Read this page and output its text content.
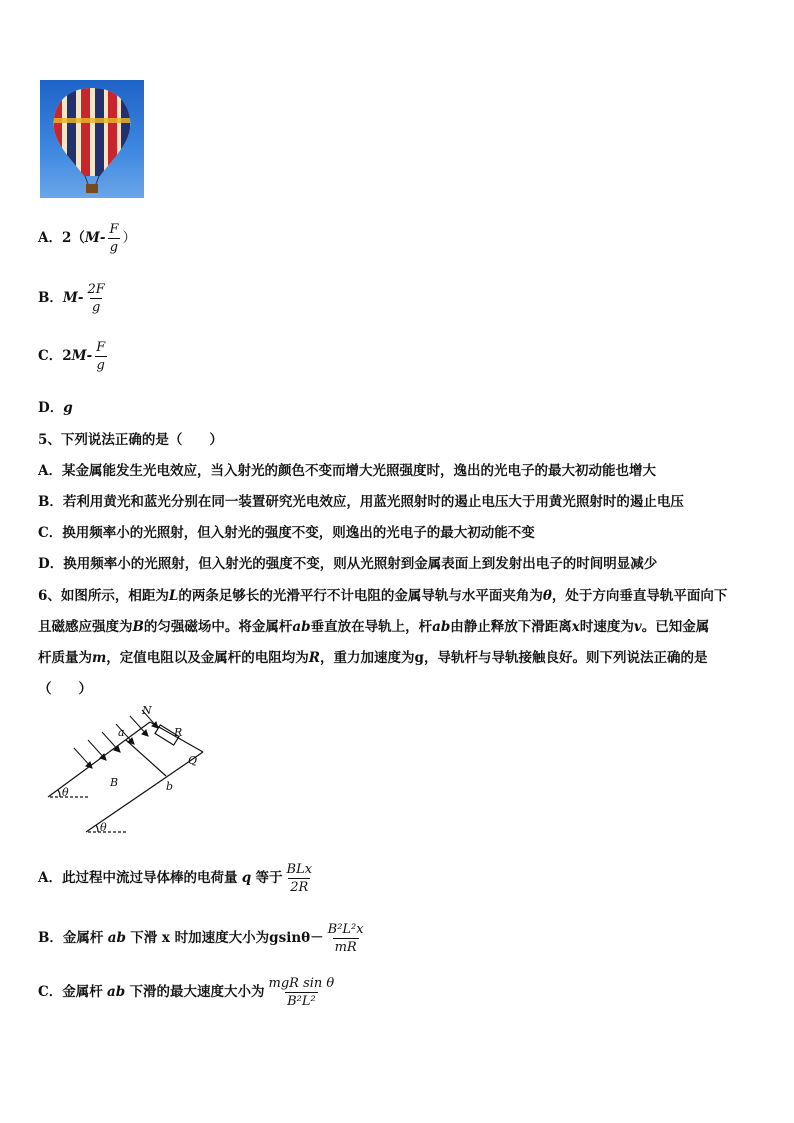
A．$2(M- \frac{F}{g}$ ）
B．$M- \frac{2F}{g}$
C．$2M- \frac{F}{g}$
D．g
5、下列说法正确的是（　　）
A．某金属能发生光电效应，当入射光的颜色不变而增大光照强度时，逸出的光电子的最大初动能也增大
B．若利用黄光和蓝光分别在同一装置研究光电效应，用蓝光照射时的遏止电压大于用黄光照射时的遏止电压
C．换用频率小的光照射，但入射光的强度不变，则逸出的光电子的最大初动能不变
D．换用频率小的光照射，但入射光的强度不变，则从光照射到金属表面上到发射出电子的时间明显减少
6、如图所示，相距为L的两条足够长的光滑平行不计电阻的金属导轨与水平面夹角为θ，处于方向垂直导轨平面向下
且磁感应强度为B的匀强磁场中。将金属杆ab垂直放在导轨上，杆ab由静止释放下滑距离x时速度为v。已知金属
杆质量为m，定值电阻以及金属杆的电阻均为R，重力加速度为g，导轨杆与导轨接触良好。则下列说法正确的是
（　　）
N
R
Q
a
b
B
θ
θ
A．此过程中流过导体棒的电荷量 q 等于 $\frac{\text{BLx}}{2R}$
B．金属杆 ab 下滑 x 时加速度大小为$gsin\theta- \frac{\text{B²L²x}}{mR}$
C．金属杆 ab 下滑的最大速度大小为 $\frac{\text{mgR sin θ}}{\text{B²L²}}$
